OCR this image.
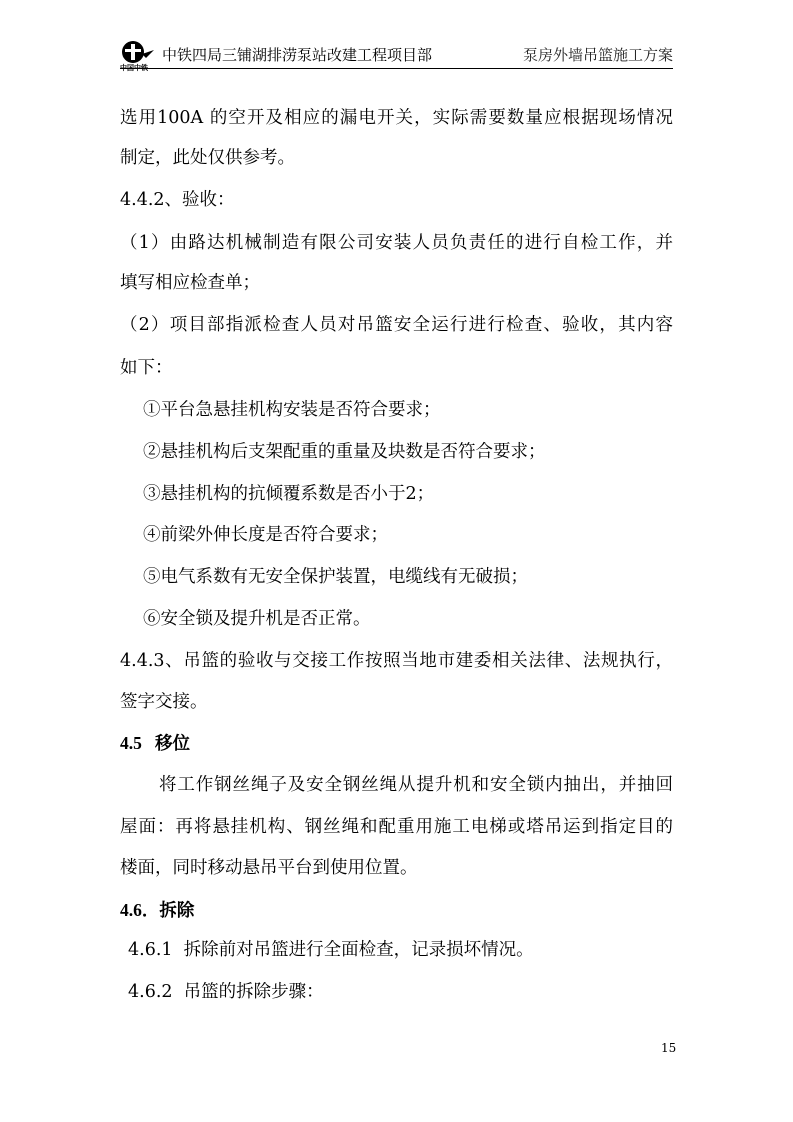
中国中铁
中铁四局三铺湖排涝泵站改建工程项目部	泵房外墙吊篮施工方案
选用100A 的空开及相应的漏电开关，实际需要数量应根据现场情况
制定，此处仅供参考。
4.4.2、验收：
（1）由路达机械制造有限公司安装人员负责任的进行自检工作，并
填写相应检查单；
（2）项目部指派检查人员对吊篮安全运行进行检查、验收，其内容
如下：
①平台急悬挂机构安装是否符合要求；
②悬挂机构后支架配重的重量及块数是否符合要求；
③悬挂机构的抗倾覆系数是否小于2；
④前梁外伸长度是否符合要求；
⑤电气系数有无安全保护装置，电缆线有无破损；
⑥安全锁及提升机是否正常。
4.4.3、吊篮的验收与交接工作按照当地市建委相关法律、法规执行，
签字交接。
4.5   移位
将工作钢丝绳子及安全钢丝绳从提升机和安全锁内抽出，并抽回
屋面：再将悬挂机构、钢丝绳和配重用施工电梯或塔吊运到指定目的
楼面，同时移动悬吊平台到使用位置。
4.6．拆除
4.6.1  拆除前对吊篮进行全面检查，记录损坏情况。
4.6.2  吊篮的拆除步骤：
15
